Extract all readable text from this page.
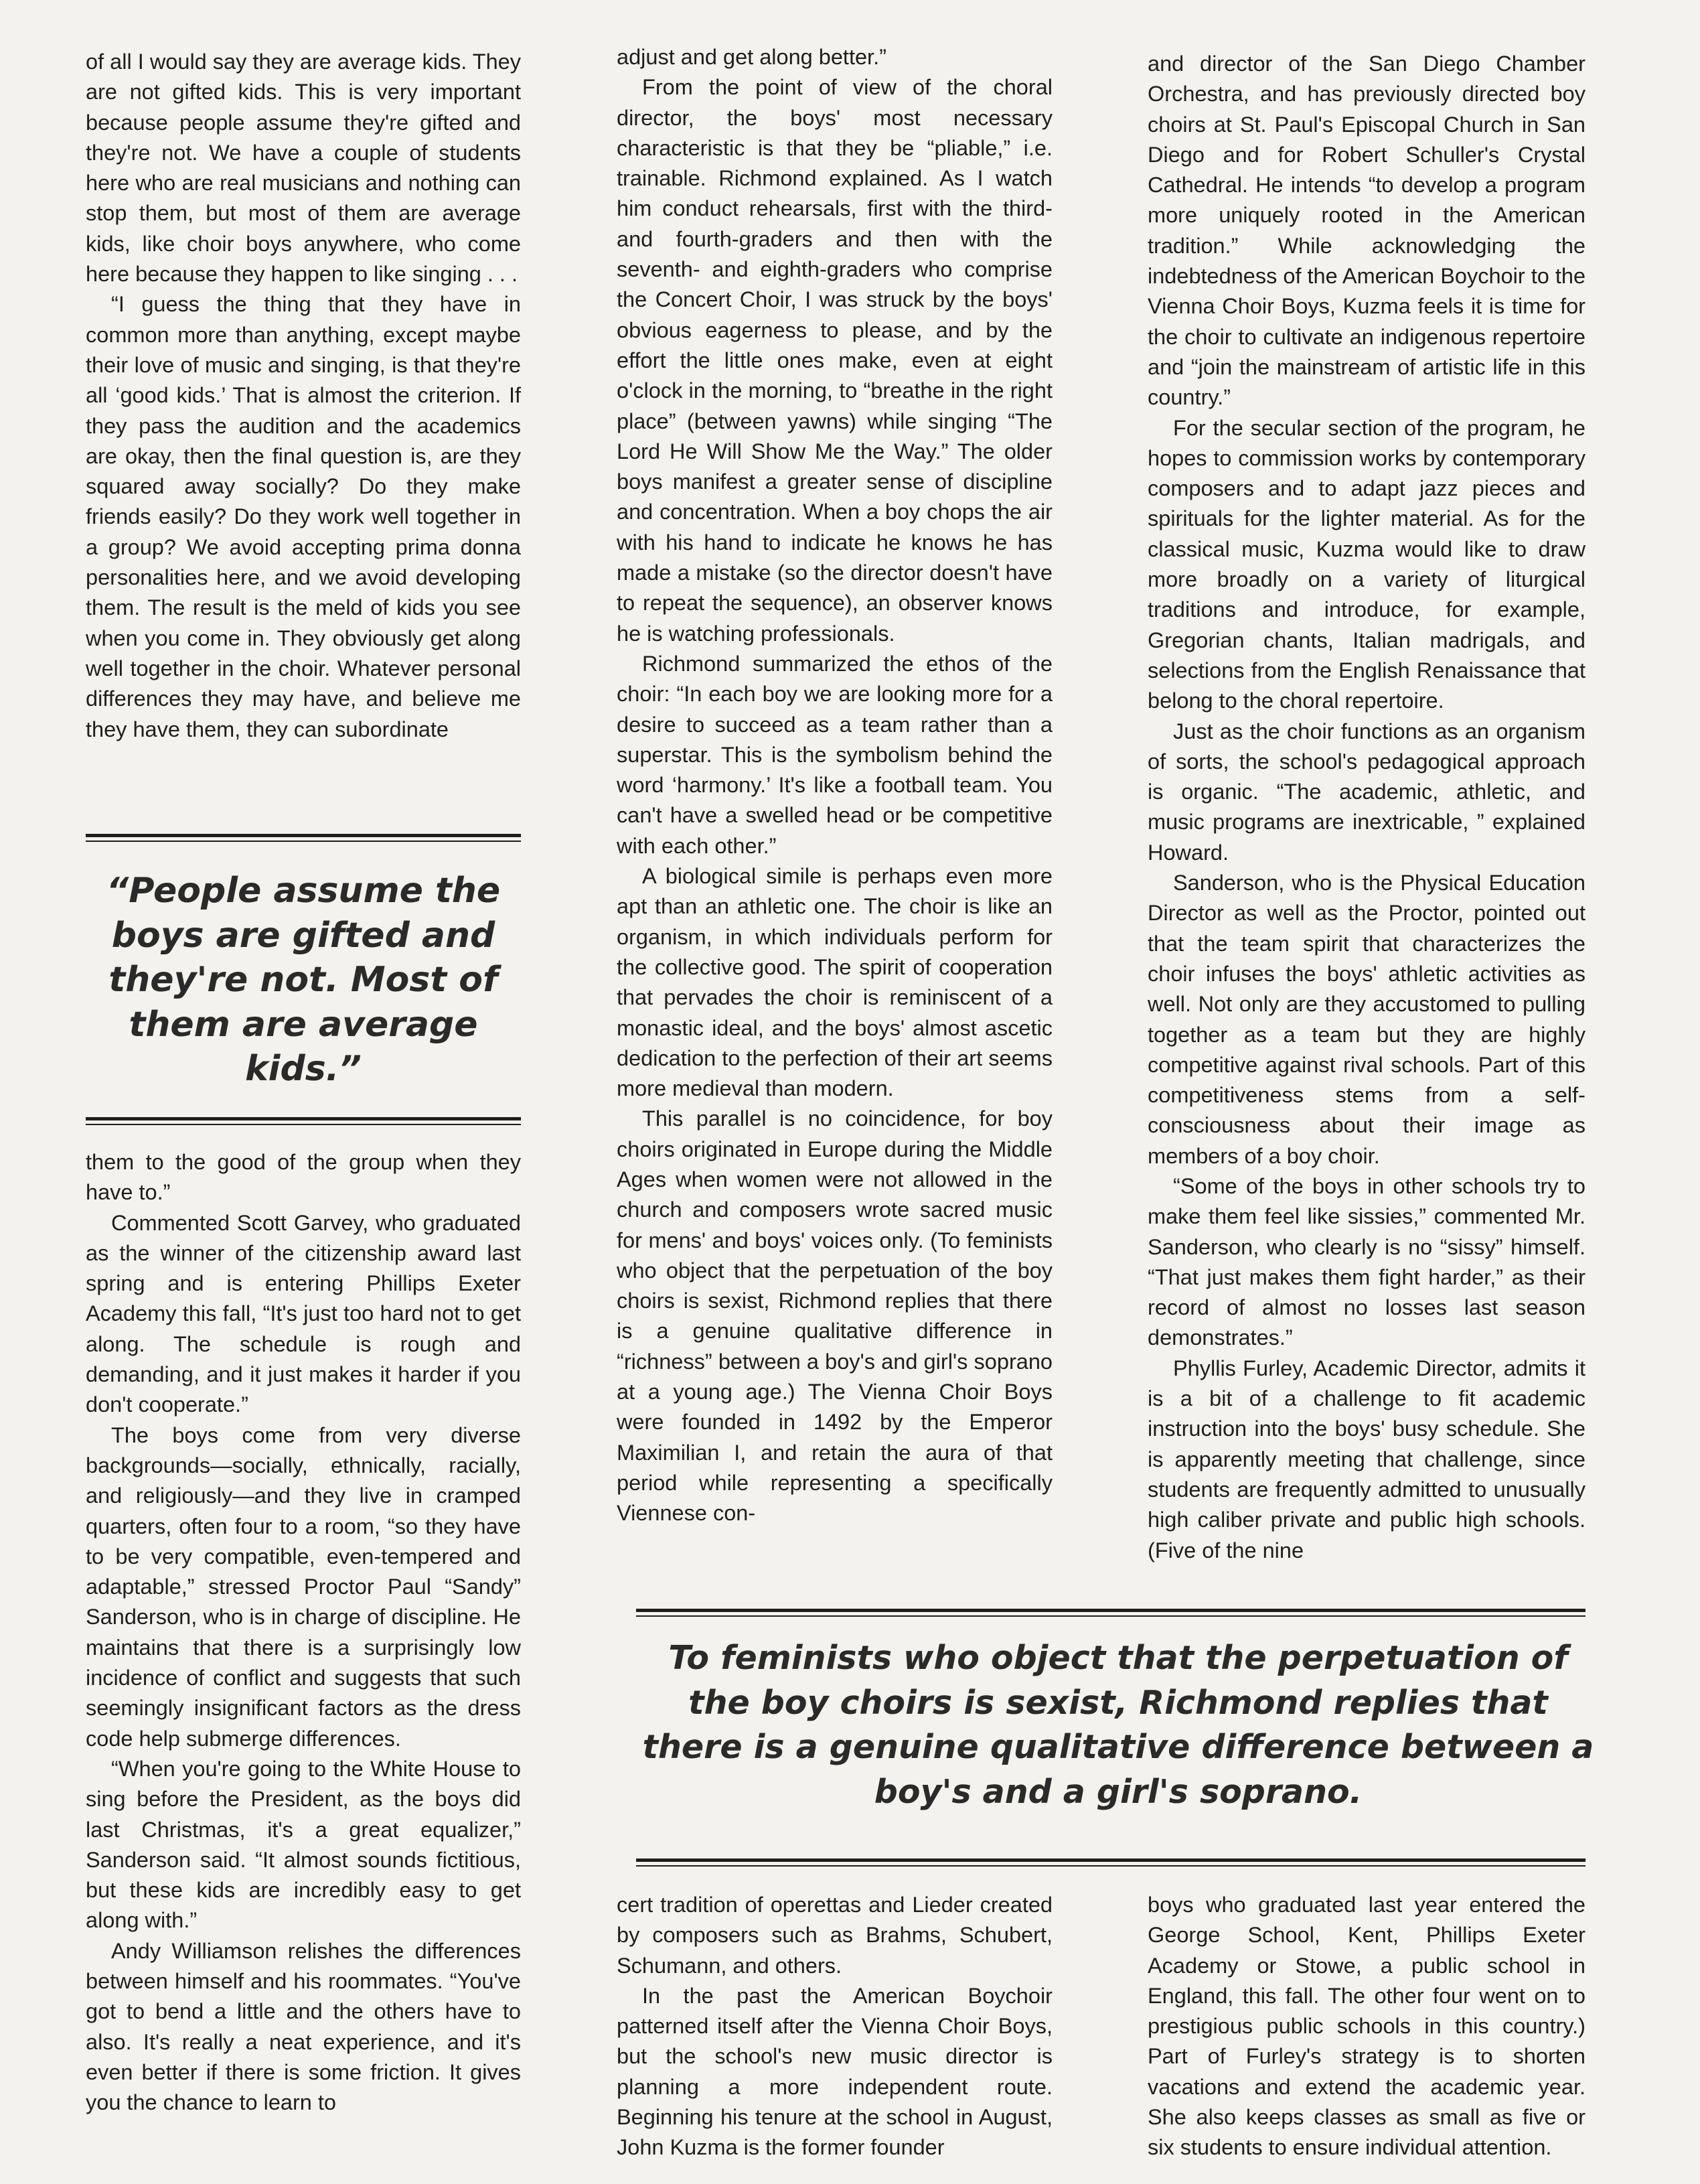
of all I would say they are average kids. They are not gifted kids. This is very important because people assume they're gifted and they're not. We have a couple of students here who are real musicians and nothing can stop them, but most of them are average kids, like choir boys anywhere, who come here because they happen to like singing . . .

“I guess the thing that they have in common more than anything, except maybe their love of music and singing, is that they're all ‘good kids.’ That is almost the criterion. If they pass the audition and the academics are okay, then the final question is, are they squared away socially? Do they make friends easily? Do they work well together in a group? We avoid accepting prima donna personalities here, and we avoid developing them. The result is the meld of kids you see when you come in. They obviously get along well together in the choir. Whatever personal differences they may have, and believe me they have them, they can subordinate

“People assume the boys are gifted and they're not. Most of them are average kids.”

them to the good of the group when they have to.”

Commented Scott Garvey, who graduated as the winner of the citizenship award last spring and is entering Phillips Exeter Academy this fall, “It's just too hard not to get along. The schedule is rough and demanding, and it just makes it harder if you don't cooperate.”

The boys come from very diverse backgrounds—socially, ethnically, racially, and religiously—and they live in cramped quarters, often four to a room, “so they have to be very compatible, even-tempered and adaptable,” stressed Proctor Paul “Sandy” Sanderson, who is in charge of discipline. He maintains that there is a surprisingly low incidence of conflict and suggests that such seemingly insignificant factors as the dress code help submerge differences.

“When you're going to the White House to sing before the President, as the boys did last Christmas, it's a great equalizer,” Sanderson said. “It almost sounds fictitious, but these kids are incredibly easy to get along with.”

Andy Williamson relishes the differences between himself and his roommates. “You've got to bend a little and the others have to also. It's really a neat experience, and it's even better if there is some friction. It gives you the chance to learn to

adjust and get along better.”

From the point of view of the choral director, the boys' most necessary characteristic is that they be “pliable,” i.e. trainable. Richmond explained. As I watch him conduct rehearsals, first with the third- and fourth-graders and then with the seventh- and eighth-graders who comprise the Concert Choir, I was struck by the boys' obvious eagerness to please, and by the effort the little ones make, even at eight o'clock in the morning, to “breathe in the right place” (between yawns) while singing “The Lord He Will Show Me the Way.” The older boys manifest a greater sense of discipline and concentration. When a boy chops the air with his hand to indicate he knows he has made a mistake (so the director doesn't have to repeat the sequence), an observer knows he is watching professionals.

Richmond summarized the ethos of the choir: “In each boy we are looking more for a desire to succeed as a team rather than a superstar. This is the symbolism behind the word ‘harmony.’ It's like a football team. You can't have a swelled head or be competitive with each other.”

A biological simile is perhaps even more apt than an athletic one. The choir is like an organism, in which individuals perform for the collective good. The spirit of cooperation that pervades the choir is reminiscent of a monastic ideal, and the boys' almost ascetic dedication to the perfection of their art seems more medieval than modern.

This parallel is no coincidence, for boy choirs originated in Europe during the Middle Ages when women were not allowed in the church and composers wrote sacred music for mens' and boys' voices only. (To feminists who object that the perpetuation of the boy choirs is sexist, Richmond replies that there is a genuine qualitative difference in “richness” between a boy's and girl's soprano at a young age.) The Vienna Choir Boys were founded in 1492 by the Emperor Maximilian I, and retain the aura of that period while representing a specifically Viennese con-

and director of the San Diego Chamber Orchestra, and has previously directed boy choirs at St. Paul's Episcopal Church in San Diego and for Robert Schuller's Crystal Cathedral. He intends “to develop a program more uniquely rooted in the American tradition.” While acknowledging the indebtedness of the American Boychoir to the Vienna Choir Boys, Kuzma feels it is time for the choir to cultivate an indigenous repertoire and “join the mainstream of artistic life in this country.”

For the secular section of the program, he hopes to commission works by contemporary composers and to adapt jazz pieces and spirituals for the lighter material. As for the classical music, Kuzma would like to draw more broadly on a variety of liturgical traditions and introduce, for example, Gregorian chants, Italian madrigals, and selections from the English Renaissance that belong to the choral repertoire.

Just as the choir functions as an organism of sorts, the school's pedagogical approach is organic. “The academic, athletic, and music programs are inextricable, ” explained Howard.

Sanderson, who is the Physical Education Director as well as the Proctor, pointed out that the team spirit that characterizes the choir infuses the boys' athletic activities as well. Not only are they accustomed to pulling together as a team but they are highly competitive against rival schools. Part of this competitiveness stems from a self-consciousness about their image as members of a boy choir.

“Some of the boys in other schools try to make them feel like sissies,” commented Mr. Sanderson, who clearly is no “sissy” himself. “That just makes them fight harder,” as their record of almost no losses last season demonstrates.”

Phyllis Furley, Academic Director, admits it is a bit of a challenge to fit academic instruction into the boys' busy schedule. She is apparently meeting that challenge, since students are frequently admitted to unusually high caliber private and public high schools. (Five of the nine

To feminists who object that the perpetuation of the boy choirs is sexist, Richmond replies that there is a genuine qualitative difference between a boy's and a girl's soprano.

cert tradition of operettas and Lieder created by composers such as Brahms, Schubert, Schumann, and others.

In the past the American Boychoir patterned itself after the Vienna Choir Boys, but the school's new music director is planning a more independent route. Beginning his tenure at the school in August, John Kuzma is the former founder

boys who graduated last year entered the George School, Kent, Phillips Exeter Academy or Stowe, a public school in England, this fall. The other four went on to prestigious public schools in this country.) Part of Furley's strategy is to shorten vacations and extend the academic year. She also keeps classes as small as five or six students to ensure individual attention.
